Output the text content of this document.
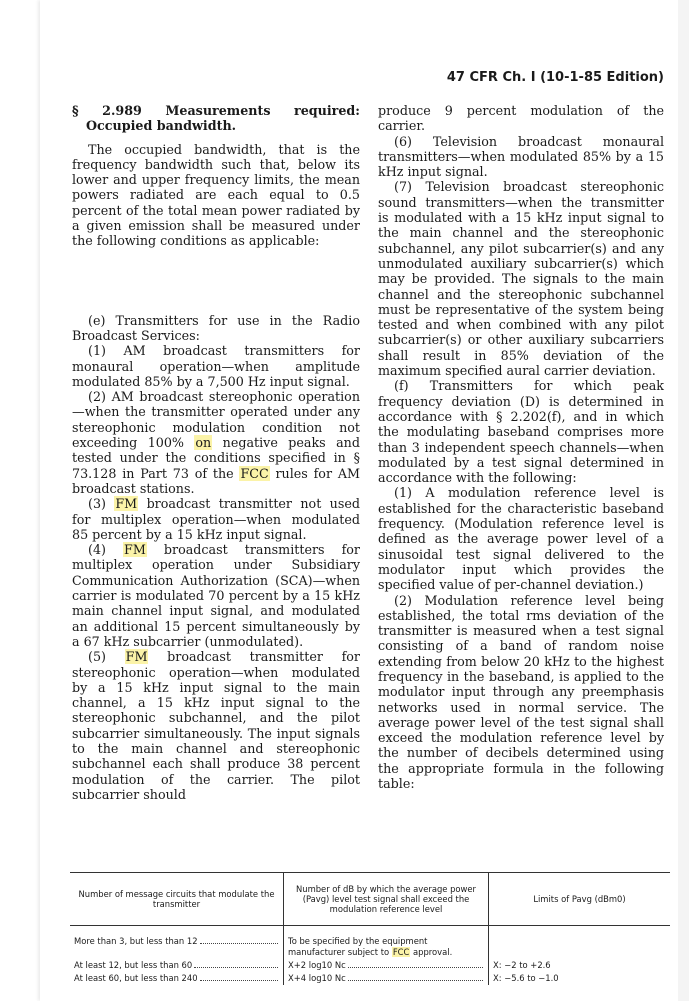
47 CFR Ch. I (10-1-85 Edition)

§ 2.989 Measurements required: Occupied bandwidth.

The occupied bandwidth, that is the frequency bandwidth such that, below its lower and upper frequency limits, the mean powers radiated are each equal to 0.5 percent of the total mean power radiated by a given emission shall be measured under the following conditions as applicable:

(e) Transmitters for use in the Radio Broadcast Services:

(1) AM broadcast transmitters for monaural operation—when amplitude modulated 85% by a 7,500 Hz input signal.

(2) AM broadcast stereophonic operation—when the transmitter operated under any stereophonic modulation condition not exceeding 100% on negative peaks and tested under the conditions specified in § 73.128 in Part 73 of the FCC rules for AM broadcast stations.

(3) FM broadcast transmitter not used for multiplex operation—when modulated 85 percent by a 15 kHz input signal.

(4) FM broadcast transmitters for multiplex operation under Subsidiary Communication Authorization (SCA)—when carrier is modulated 70 percent by a 15 kHz main channel input signal, and modulated an additional 15 percent simultaneously by a 67 kHz subcarrier (unmodulated).

(5) FM broadcast transmitter for stereophonic operation—when modulated by a 15 kHz input signal to the main channel, a 15 kHz input signal to the stereophonic subchannel, and the pilot subcarrier simultaneously. The input signals to the main channel and stereophonic subchannel each shall produce 38 percent modulation of the carrier. The pilot subcarrier should

produce 9 percent modulation of the carrier.

(6) Television broadcast monaural transmitters—when modulated 85% by a 15 kHz input signal.

(7) Television broadcast stereophonic sound transmitters—when the transmitter is modulated with a 15 kHz input signal to the main channel and the stereophonic subchannel, any pilot subcarrier(s) and any unmodulated auxiliary subcarrier(s) which may be provided. The signals to the main channel and the stereophonic subchannel must be representative of the system being tested and when combined with any pilot subcarrier(s) or other auxiliary subcarriers shall result in 85% deviation of the maximum specified aural carrier deviation.

(f) Transmitters for which peak frequency deviation (D) is determined in accordance with § 2.202(f), and in which the modulating baseband comprises more than 3 independent speech channels—when modulated by a test signal determined in accordance with the following:

(1) A modulation reference level is established for the characteristic baseband frequency. (Modulation reference level is defined as the average power level of a sinusoidal test signal delivered to the modulator input which provides the specified value of per-channel deviation.)

(2) Modulation reference level being established, the total rms deviation of the transmitter is measured when a test signal consisting of a band of random noise extending from below 20 kHz to the highest frequency in the baseband, is applied to the modulator input through any preemphasis networks used in normal service. The average power level of the test signal shall exceed the modulation reference level by the number of decibels determined using the appropriate formula in the following table:

Number of message circuits that modulate the transmitter	Number of dB by which the average power (Pavg) level test signal shall exceed the modulation reference level	Limits of Pavg (dBm0)

More than 3, but less than 12	To be specified by the equipment manufacturer subject to FCC approval.	

At least 12, but less than 60	X+2 log10 Nc	X: −2 to +2.6

At least 60, but less than 240	X+4 log10 Nc	X: −5.6 to −1.0
